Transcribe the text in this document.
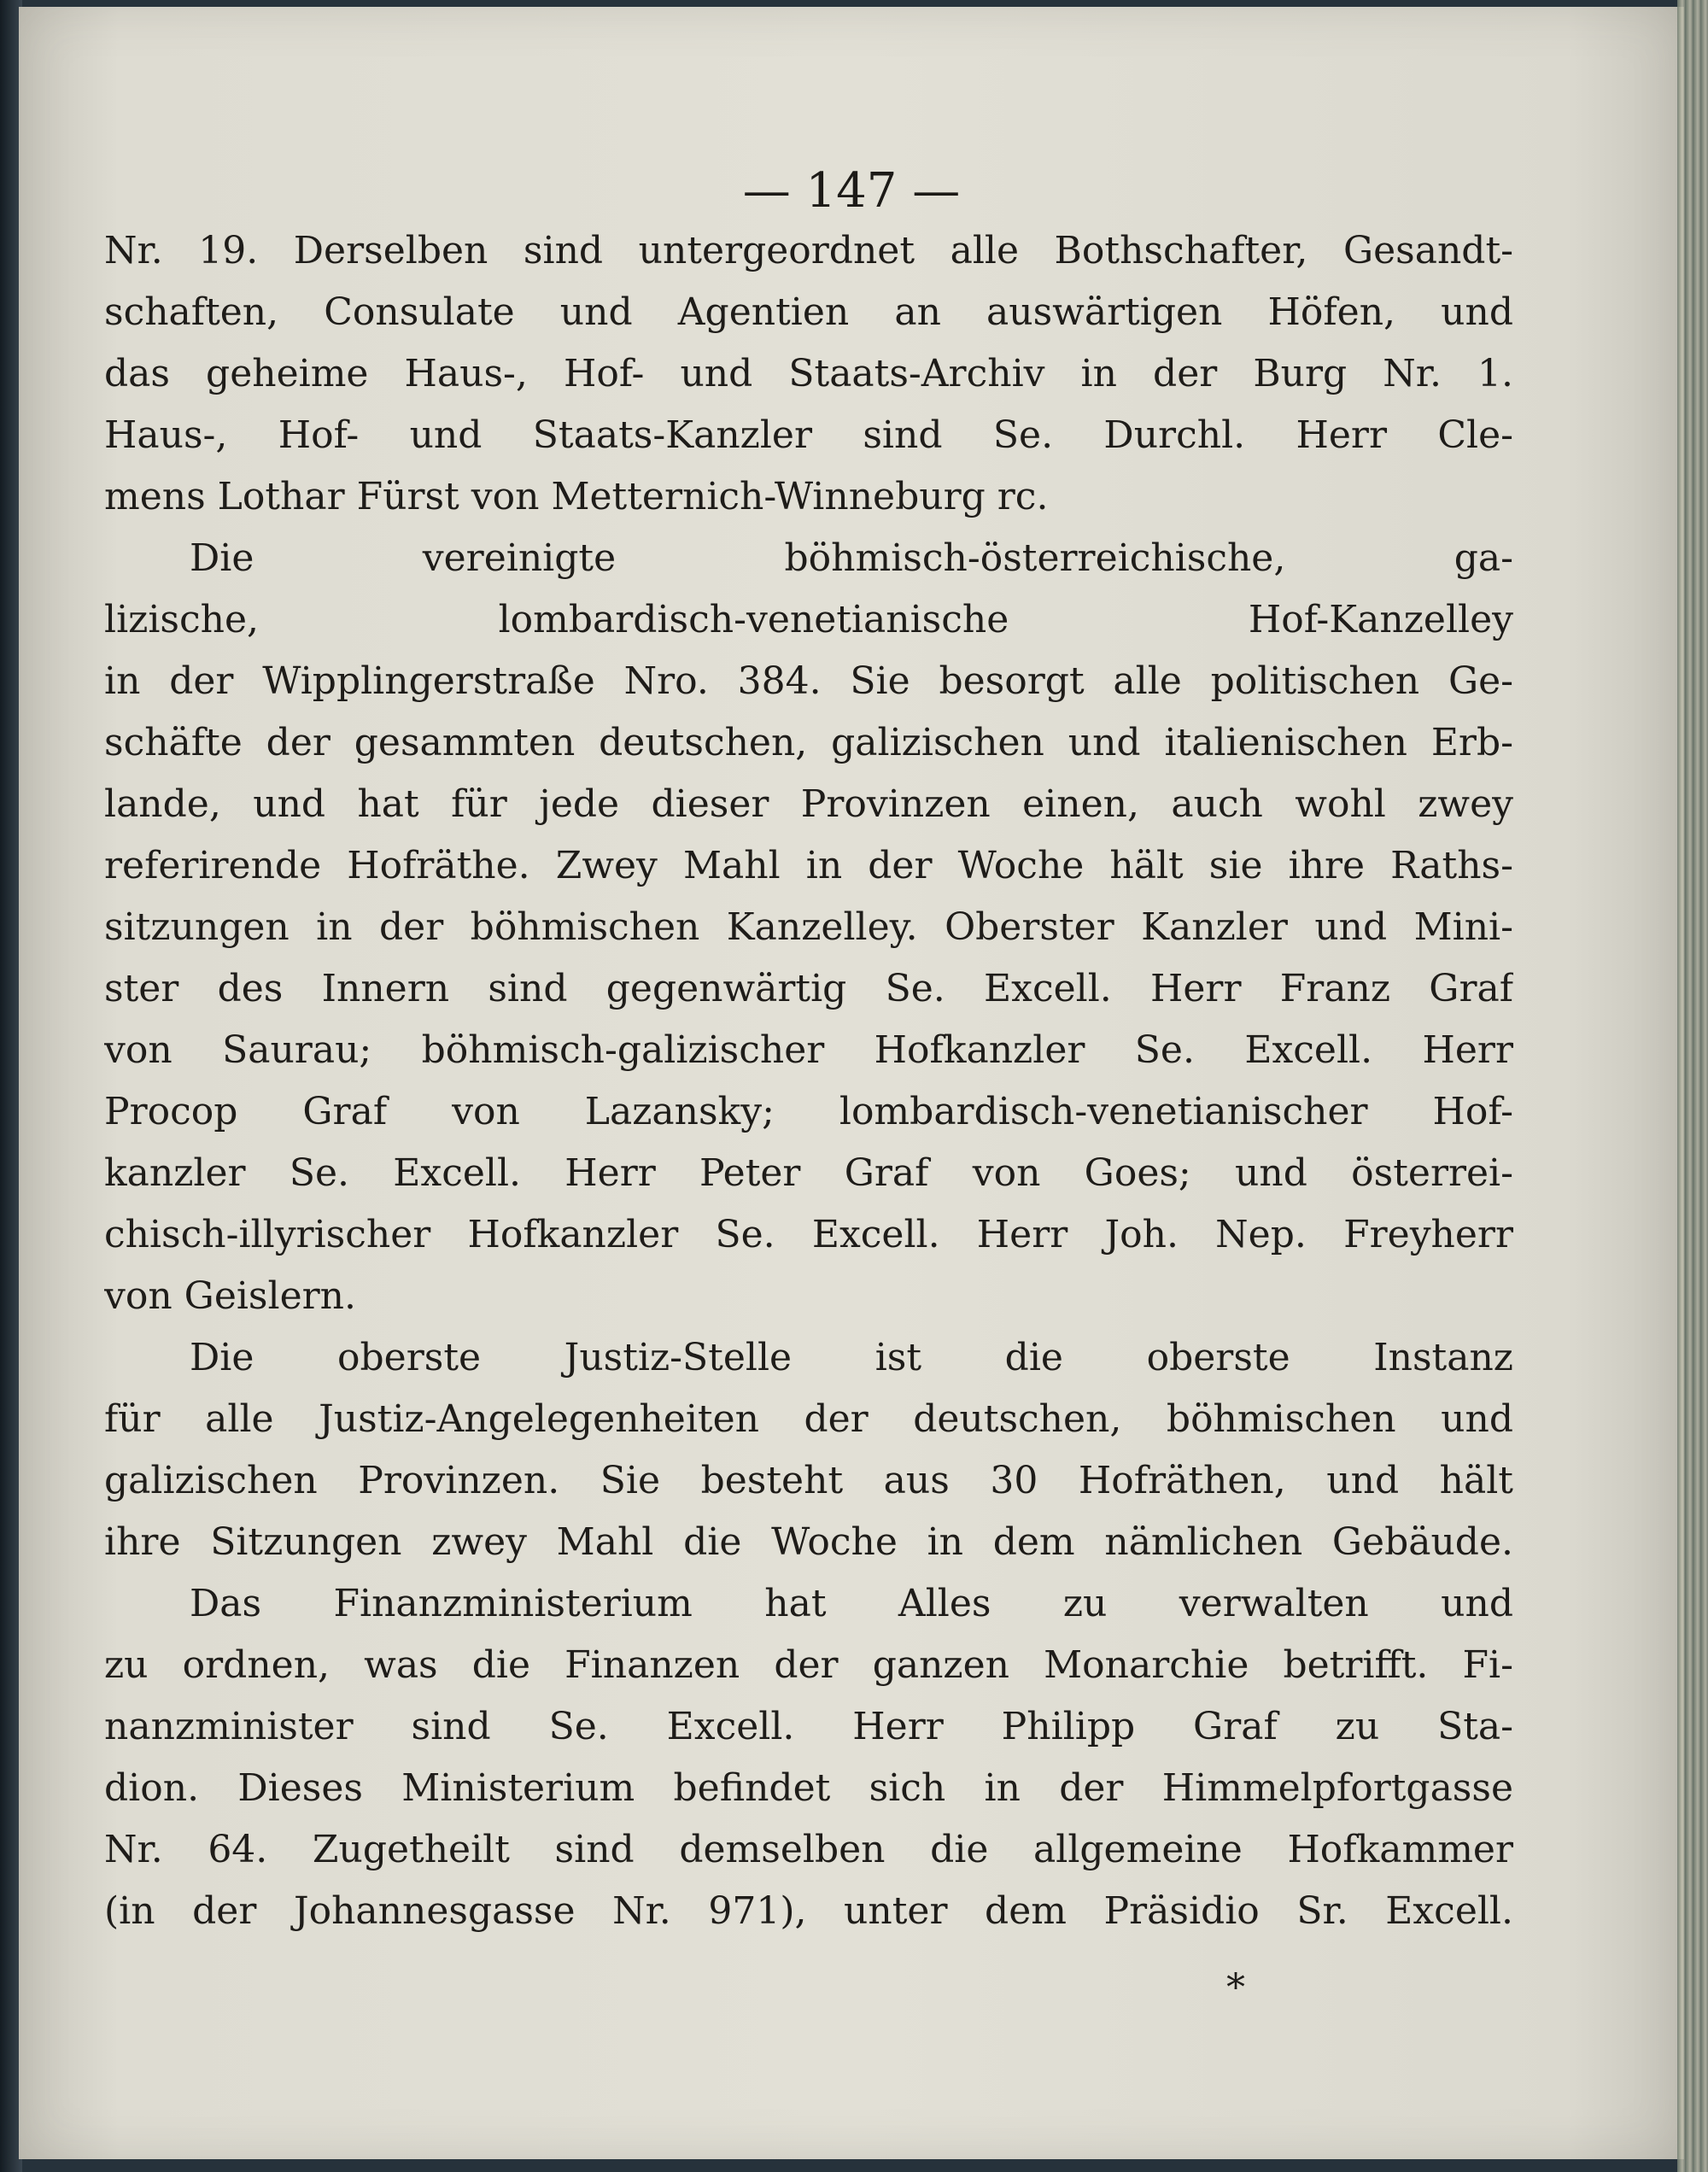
— 147 —
Nr. 19. Derselben sind untergeordnet alle Bothschafter, Gesandt-
schaften, Consulate und Agentien an auswärtigen Höfen, und
das geheime Haus-, Hof- und Staats-Archiv in der Burg Nr. 1.
Haus-, Hof- und Staats-Kanzler sind Se. Durchl. Herr Cle-
mens Lothar Fürst von Metternich-Winneburg rc.
Die vereinigte böhmisch-österreichische, ga-
lizische, lombardisch-venetianische Hof-Kanzelley
in der Wipplingerstraße Nro. 384. Sie besorgt alle politischen Ge-
schäfte der gesammten deutschen, galizischen und italienischen Erb-
lande, und hat für jede dieser Provinzen einen, auch wohl zwey
referirende Hofräthe. Zwey Mahl in der Woche hält sie ihre Raths-
sitzungen in der böhmischen Kanzelley. Oberster Kanzler und Mini-
ster des Innern sind gegenwärtig Se. Excell. Herr Franz Graf
von Saurau; böhmisch-galizischer Hofkanzler Se. Excell. Herr
Procop Graf von Lazansky; lombardisch-venetianischer Hof-
kanzler Se. Excell. Herr Peter Graf von Goes; und österrei-
chisch-illyrischer Hofkanzler Se. Excell. Herr Joh. Nep. Freyherr
von Geislern.
Die oberste Justiz-Stelle ist die oberste Instanz
für alle Justiz-Angelegenheiten der deutschen, böhmischen und
galizischen Provinzen. Sie besteht aus 30 Hofräthen, und hält
ihre Sitzungen zwey Mahl die Woche in dem nämlichen Gebäude.
Das Finanzministerium hat Alles zu verwalten und
zu ordnen, was die Finanzen der ganzen Monarchie betrifft. Fi-
nanzminister sind Se. Excell. Herr Philipp Graf zu Sta-
dion. Dieses Ministerium befindet sich in der Himmelpfortgasse
Nr. 64. Zugetheilt sind demselben die allgemeine Hofkammer
(in der Johannesgasse Nr. 971), unter dem Präsidio Sr. Excell.
*
